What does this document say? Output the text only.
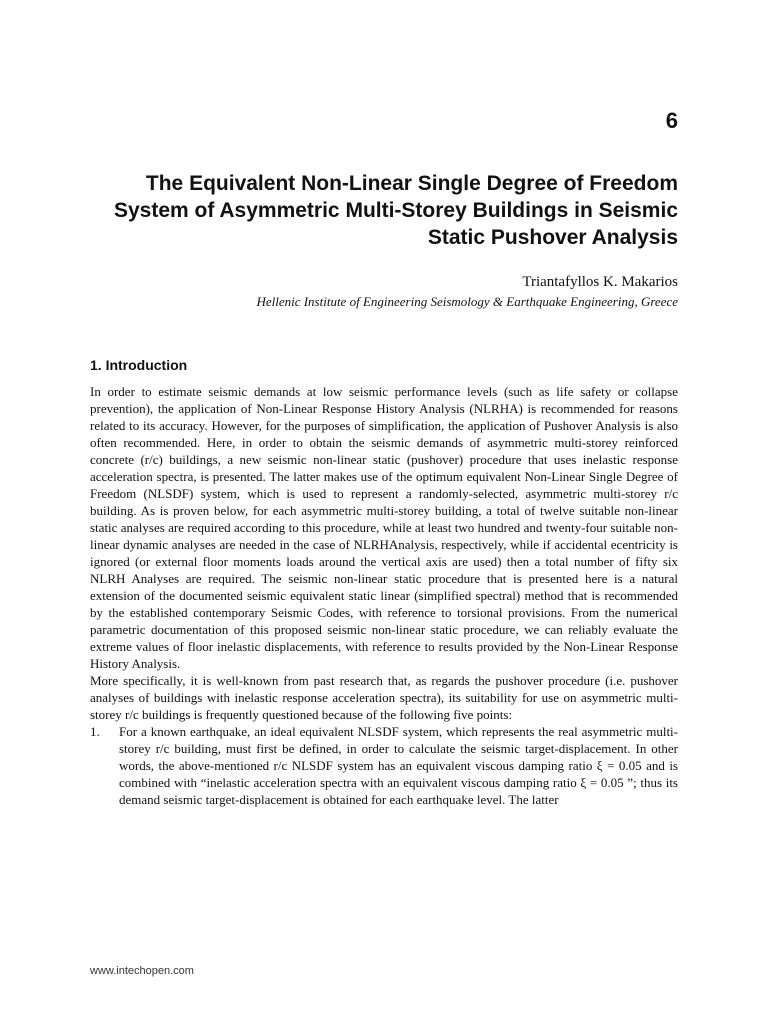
6
The Equivalent Non-Linear Single Degree of Freedom System of Asymmetric Multi-Storey Buildings in Seismic Static Pushover Analysis
Triantafyllos K. Makarios
Hellenic Institute of Engineering Seismology & Earthquake Engineering, Greece
1. Introduction

In order to estimate seismic demands at low seismic performance levels (such as life safety or collapse prevention), the application of Non-Linear Response History Analysis (NLRHA) is recommended for reasons related to its accuracy. However, for the purposes of simplification, the application of Pushover Analysis is also often recommended. Here, in order to obtain the seismic demands of asymmetric multi-storey reinforced concrete (r/c) buildings, a new seismic non-linear static (pushover) procedure that uses inelastic response acceleration spectra, is presented. The latter makes use of the optimum equivalent Non-Linear Single Degree of Freedom (NLSDF) system, which is used to represent a randomly-selected, asymmetric multi-storey r/c building. As is proven below, for each asymmetric multi-storey building, a total of twelve suitable non-linear static analyses are required according to this procedure, while at least two hundred and twenty-four suitable non-linear dynamic analyses are needed in the case of NLRHAnalysis, respectively, while if accidental ecentricity is ignored (or external floor moments loads around the vertical axis are used) then a total number of fifty six NLRH Analyses are required. The seismic non-linear static procedure that is presented here is a natural extension of the documented seismic equivalent static linear (simplified spectral) method that is recommended by the established contemporary Seismic Codes, with reference to torsional provisions. From the numerical parametric documentation of this proposed seismic non-linear static procedure, we can reliably evaluate the extreme values of floor inelastic displacements, with reference to results provided by the Non-Linear Response History Analysis.

More specifically, it is well-known from past research that, as regards the pushover procedure (i.e. pushover analyses of buildings with inelastic response acceleration spectra), its suitability for use on asymmetric multi-storey r/c buildings is frequently questioned because of the following five points:

1.	For a known earthquake, an ideal equivalent NLSDF system, which represents the real asymmetric multi-storey r/c building, must first be defined, in order to calculate the seismic target-displacement. In other words, the above-mentioned r/c NLSDF system has an equivalent viscous damping ratio ξ = 0.05 and is combined with “inelastic acceleration spectra with an equivalent viscous damping ratio ξ = 0.05 ”; thus its demand seismic target-displacement is obtained for each earthquake level. The latter
www.intechopen.com
